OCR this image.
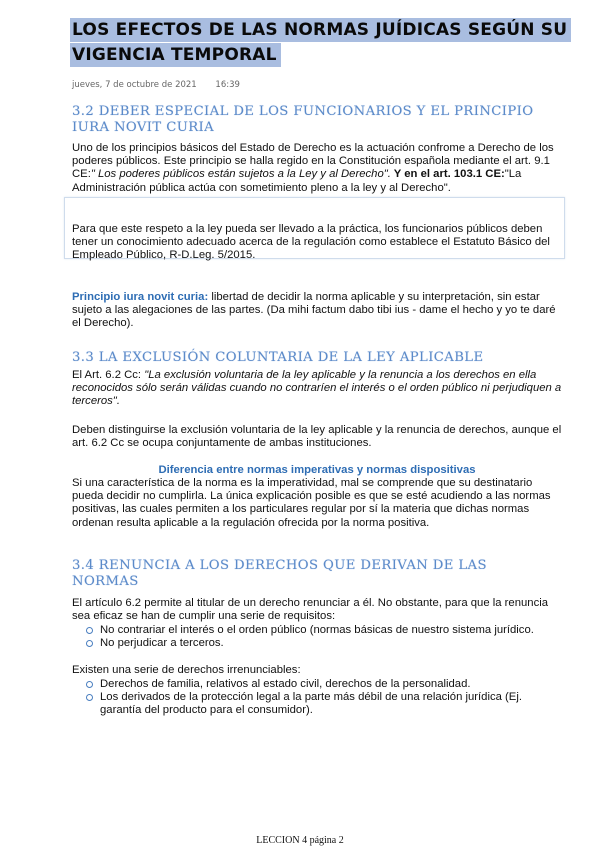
LOS EFECTOS DE LAS NORMAS JUÍDICAS SEGÚN SU
VIGENCIA TEMPORAL
jueves, 7 de octubre de 2021 16:39
3.2 DEBER ESPECIAL DE LOS FUNCIONARIOS Y EL PRINCIPIO
IURA NOVIT CURIA
Uno de los principios básicos del Estado de Derecho es la actuación confrome a Derecho de los poderes públicos. Este principio se halla regido en la Constitución española mediante el art. 9.1 CE:" Los poderes públicos están sujetos a la Ley y al Derecho". Y en el art. 103.1 CE:"La Administración pública actúa con sometimiento pleno a la ley y al Derecho".
Para que este respeto a la ley pueda ser llevado a la práctica, los funcionarios públicos deben tener un conocimiento adecuado acerca de la regulación como establece el Estatuto Básico del Empleado Público, R-D.Leg. 5/2015.
Principio iura novit curia: libertad de decidir la norma aplicable y su interpretación, sin estar sujeto a las alegaciones de las partes. (Da mihi factum dabo tibi ius - dame el hecho y yo te daré el Derecho).
3.3 LA EXCLUSIÓN COLUNTARIA DE LA LEY APLICABLE
El Art. 6.2 Cc: "La exclusión voluntaria de la ley aplicable y la renuncia a los derechos en ella reconocidos sólo serán válidas cuando no contraríen el interés o el orden público ni perjudiquen a terceros".
Deben distinguirse la exclusión voluntaria de la ley aplicable y la renuncia de derechos, aunque el art. 6.2 Cc se ocupa conjuntamente de ambas instituciones.
Diferencia entre normas imperativas y normas dispositivas
Si una característica de la norma es la imperatividad, mal se comprende que su destinatario pueda decidir no cumplirla. La única explicación posible es que se esté acudiendo a las normas positivas, las cuales permiten a los particulares regular por sí la materia que dichas normas ordenan resulta aplicable a la regulación ofrecida por la norma positiva.
3.4 RENUNCIA A LOS DERECHOS QUE DERIVAN DE LAS
NORMAS
El artículo 6.2 permite al titular de un derecho renunciar a él. No obstante, para que la renuncia sea eficaz se han de cumplir una serie de requisitos:
No contrariar el interés o el orden público (normas básicas de nuestro sistema jurídico.
No perjudicar a terceros.
Existen una serie de derechos irrenunciables:
Derechos de familia, relativos al estado civil, derechos de la personalidad.
Los derivados de la protección legal a la parte más débil de una relación jurídica (Ej. garantía del producto para el consumidor).
LECCION 4 página 2
